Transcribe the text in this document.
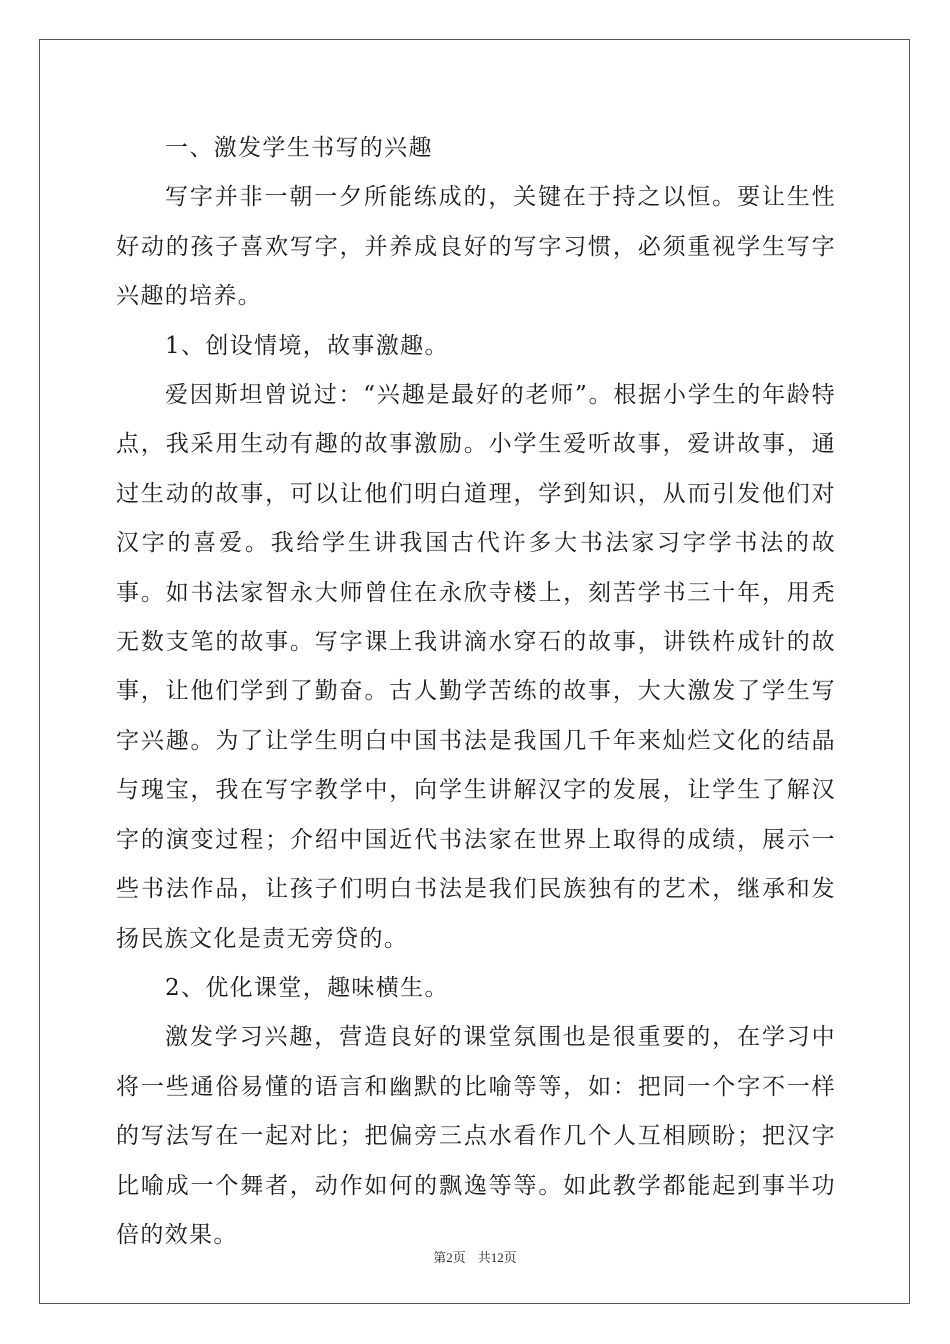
一、激发学生书写的兴趣

写字并非一朝一夕所能练成的，关键在于持之以恒。要让生性好动的孩子喜欢写字，并养成良好的写字习惯，必须重视学生写字兴趣的培养。

1、创设情境，故事激趣。

爱因斯坦曾说过：“兴趣是最好的老师”。根据小学生的年龄特点，我采用生动有趣的故事激励。小学生爱听故事，爱讲故事，通过生动的故事，可以让他们明白道理，学到知识，从而引发他们对汉字的喜爱。我给学生讲我国古代许多大书法家习字学书法的故事。如书法家智永大师曾住在永欣寺楼上，刻苦学书三十年，用秃无数支笔的故事。写字课上我讲滴水穿石的故事，讲铁杵成针的故事，让他们学到了勤奋。古人勤学苦练的故事，大大激发了学生写字兴趣。为了让学生明白中国书法是我国几千年来灿烂文化的结晶与瑰宝，我在写字教学中，向学生讲解汉字的发展，让学生了解汉字的演变过程；介绍中国近代书法家在世界上取得的成绩，展示一些书法作品，让孩子们明白书法是我们民族独有的艺术，继承和发扬民族文化是责无旁贷的。

2、优化课堂，趣味横生。

激发学习兴趣，营造良好的课堂氛围也是很重要的，在学习中将一些通俗易懂的语言和幽默的比喻等等，如：把同一个字不一样的写法写在一起对比；把偏旁三点水看作几个人互相顾盼；把汉字比喻成一个舞者，动作如何的飘逸等等。如此教学都能起到事半功倍的效果。

第2页 共12页
